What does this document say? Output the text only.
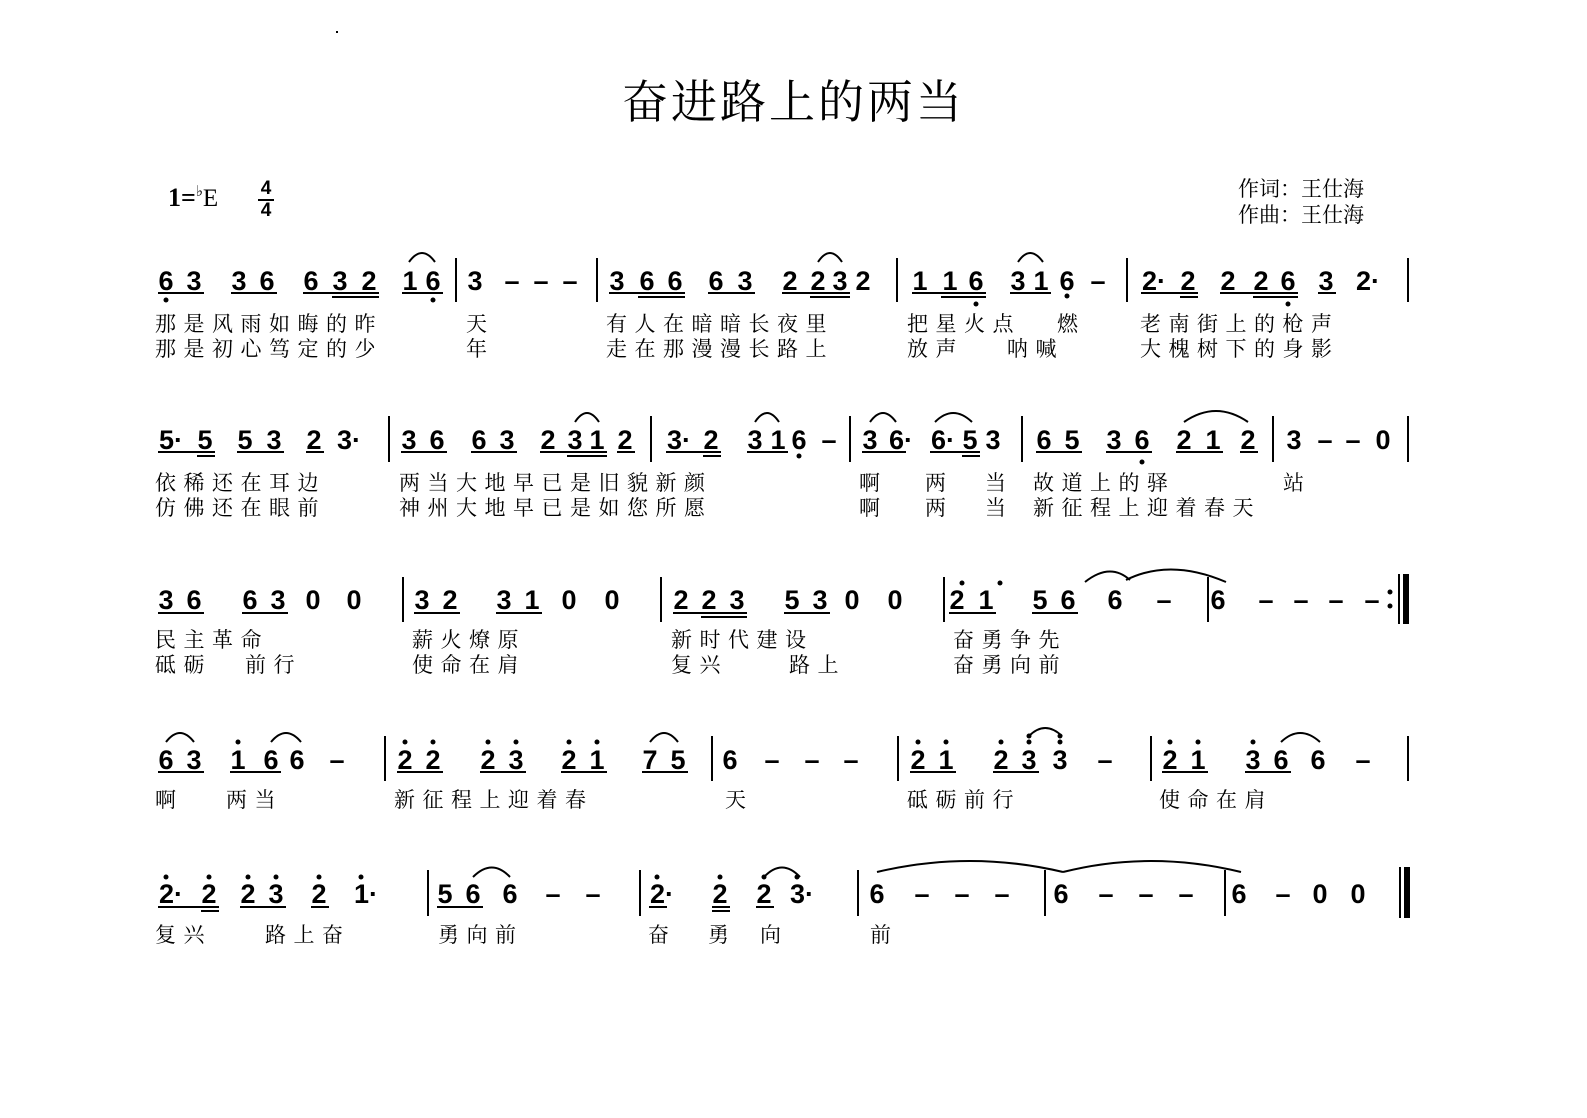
奋进路上的两当
作词：王仕海
作曲：王仕海
1=♭E 4
4
6 3 3 6 6 3 2 1 6 3 – – – 3 6 6 6 3 2 2 3 2 1 1 6 3 1 6 – 2· 2 2 2 6 3 2·
5· 5 5 3 2 3· 3 6 6 3 2 3 1 2 3· 2 3 1 6 – 3 6· 6· 5 3 6 5 3 6 2 1 2 3 – – 0
3 6 6 3 0 0 3 2 3 1 0 0 2 2 3 5 3 0 0 2 1 5 6 6 – 6 – – – –
6 3 1 6 6 – 2 2 2 3 2 1 7 5 6 – – – 2 1 2 3 3 – 2 1 3 6 6 –
2· 2 2 3 2 1· 5 6 6 – – 2· 2 2 3· 6 – – – 6 – – – 6 – 0 0
那是风雨如晦的昨	天	有人在暗暗长夜里	把星火点 燃	老南街上的枪声
那是初心笃定的少	年	走在那漫漫长路上	放声 呐喊	大槐树下的身影
依稀还在耳边	两当大地早已是旧貌新颜	啊 两 当 故道上的驿	站
仿佛还在眼前	神州大地早已是如您所愿	啊 两 当 新征程上迎着春天
民主革命	薪火燎原	新时代建设	奋勇争先
砥砺 前行	使命在肩	复兴	路上	奋勇向前
啊 两当	新征程上迎着春	天	砥砺前行	使命在肩
复兴	路上奋	勇向前	奋 勇 向	前
